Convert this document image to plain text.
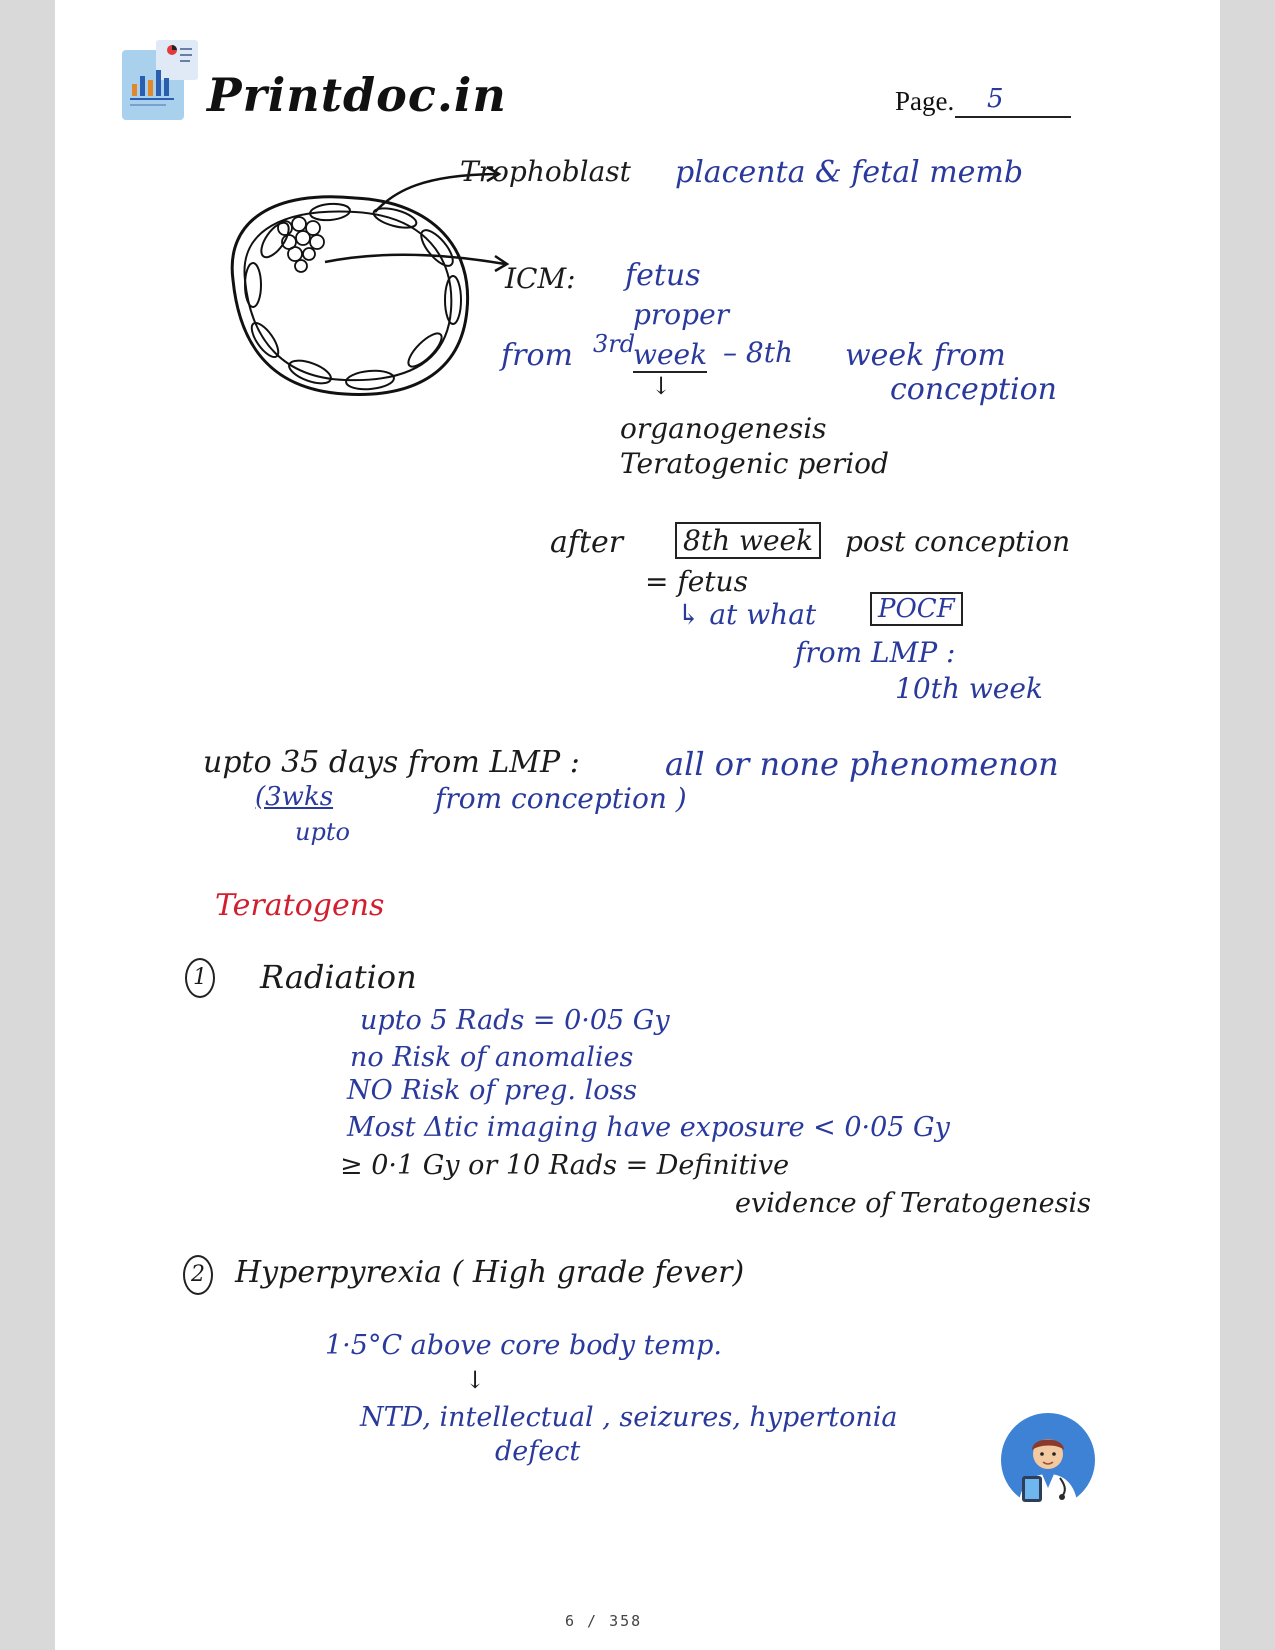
Printdoc.in	Page. 5
Trophoblast placenta & fetal memb
ICM: fetus
proper
from 3rd
week – 8th week from
conception
↓
organogenesis
Teratogenic period
after 8th week post conception
= fetus
↳ at what	POCF
from LMP :
10th week
upto 35 days from LMP :	all or none phenomenon
(3wks	from conception )
upto
Teratogens
1 Radiation
upto 5 Rads = 0·05 Gy
no Risk of anomalies
NO Risk of preg. loss
Most Δtic imaging have exposure < 0·05 Gy
≥ 0·1 Gy or 10 Rads = Definitive
evidence of Teratogenesis
2 Hyperpyrexia ( High grade fever)
1·5°C above core body temp.
↓
NTD, intellectual , seizures, hypertonia
defect
6 / 358
